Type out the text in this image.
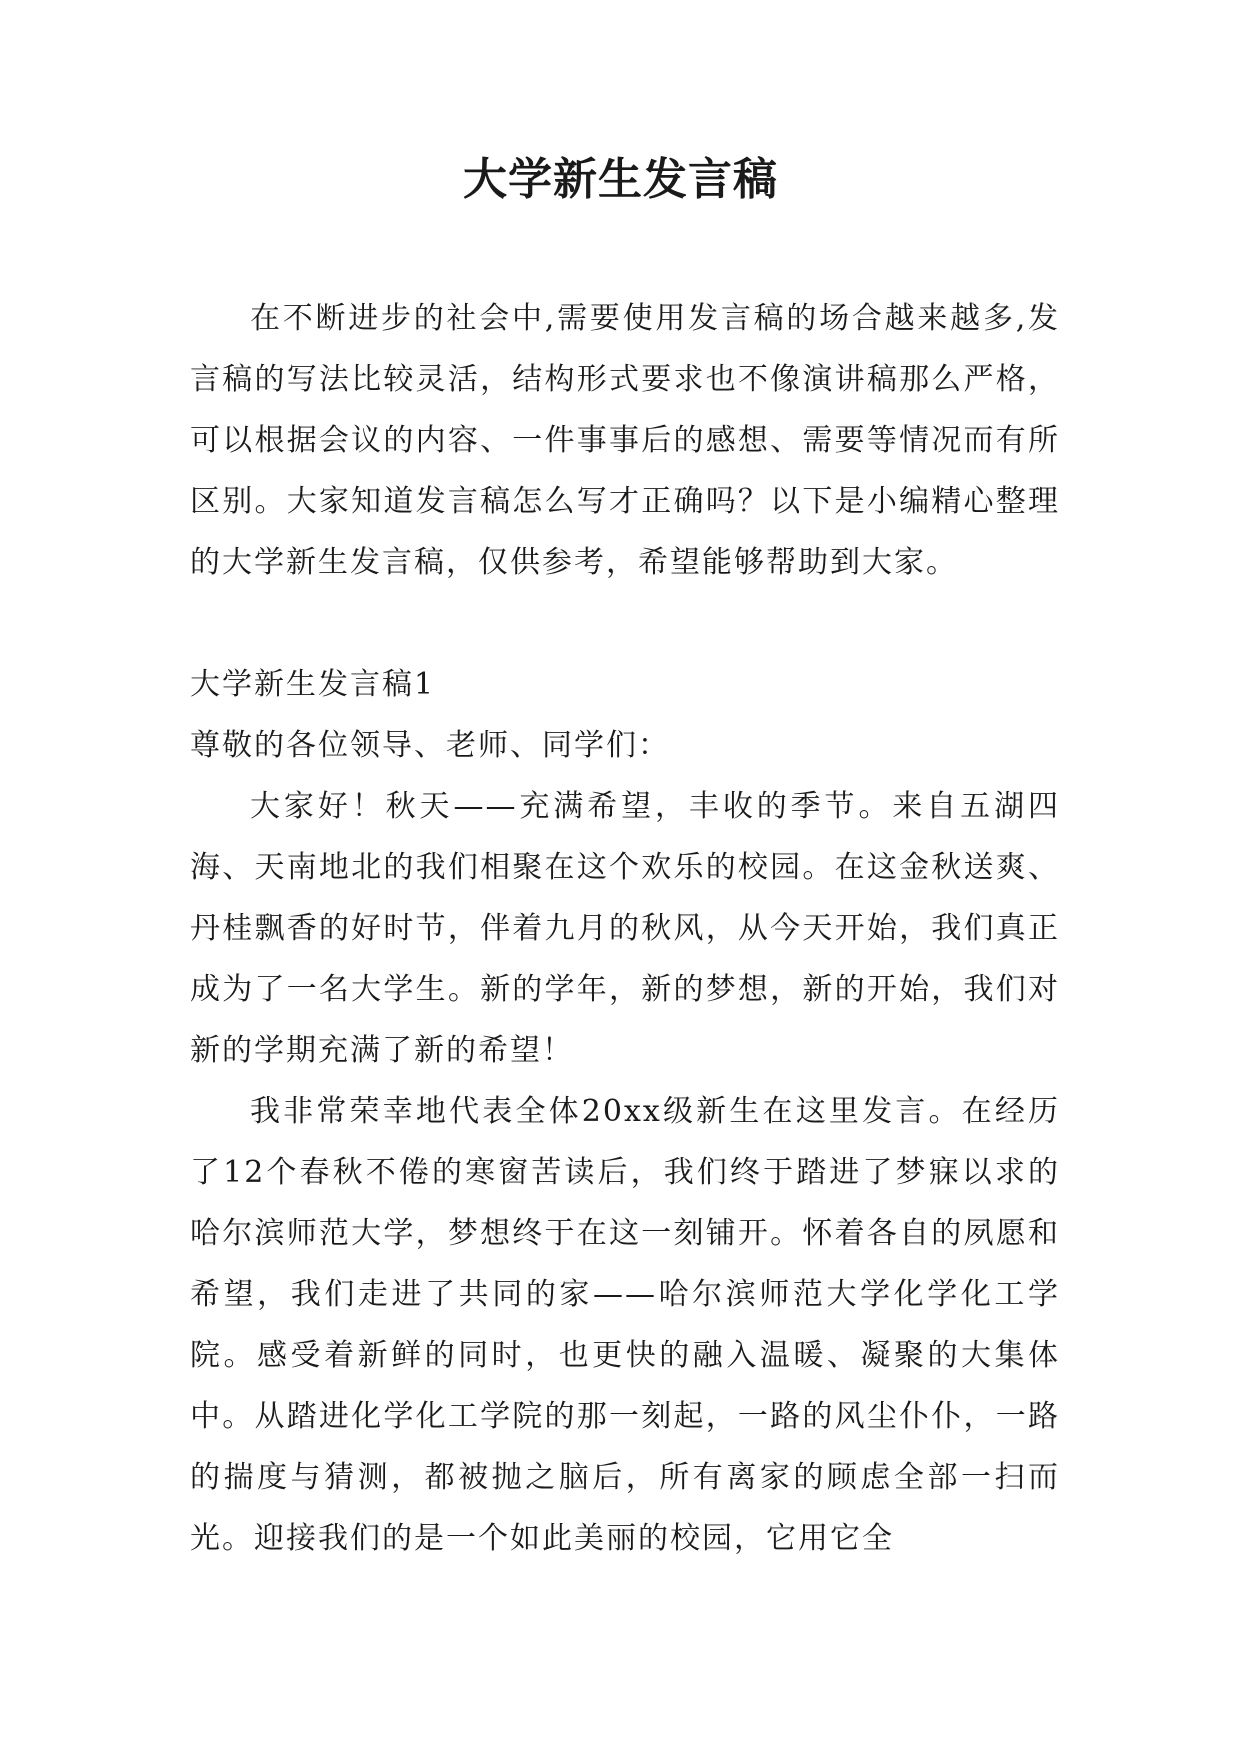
大学新生发言稿

在不断进步的社会中,需要使用发言稿的场合越来越多,发言稿的写法比较灵活，结构形式要求也不像演讲稿那么严格，可以根据会议的内容、一件事事后的感想、需要等情况而有所区别。大家知道发言稿怎么写才正确吗？以下是小编精心整理的大学新生发言稿，仅供参考，希望能够帮助到大家。

大学新生发言稿1

尊敬的各位领导、老师、同学们：

大家好！秋天——充满希望，丰收的季节。来自五湖四海、天南地北的我们相聚在这个欢乐的校园。在这金秋送爽、丹桂飘香的好时节，伴着九月的秋风，从今天开始，我们真正成为了一名大学生。新的学年，新的梦想，新的开始，我们对新的学期充满了新的希望！

我非常荣幸地代表全体20xx级新生在这里发言。在经历了12个春秋不倦的寒窗苦读后，我们终于踏进了梦寐以求的哈尔滨师范大学，梦想终于在这一刻铺开。怀着各自的夙愿和希望，我们走进了共同的家——哈尔滨师范大学化学化工学院。感受着新鲜的同时，也更快的融入温暖、凝聚的大集体中。从踏进化学化工学院的那一刻起，一路的风尘仆仆，一路的揣度与猜测，都被抛之脑后，所有离家的顾虑全部一扫而光。迎接我们的是一个如此美丽的校园，它用它全
